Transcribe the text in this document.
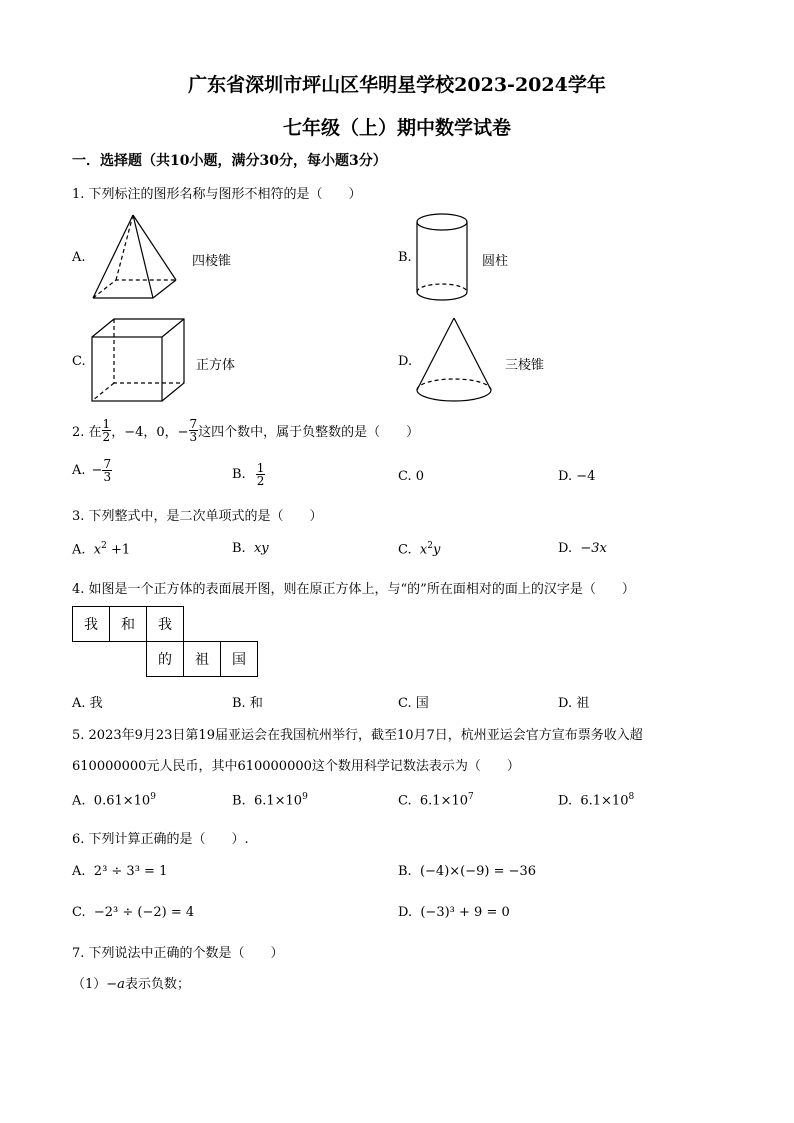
广东省深圳市坪山区华明星学校2023-2024学年
七年级（上）期中数学试卷
一．选择题（共10小题，满分30分，每小题3分）
1. 下列标注的图形名称与图形不相符的是（　　）
A.	四棱锥	B.	圆柱
C.	正方体	D.	三棱锥
2. 在 $\frac{1}{2}$ ，−4，0，− $\frac{7}{3}$ 这四个数中，属于负整数的是（　　）
A. − $\frac{7}{3}$	B. $\frac{1}{2}$	C. 0	D. −4
3. 下列整式中，是二次单项式的是（　　）
A. $x^2 +1$	B. xy	C. $x^2y$	D. −3x
4. 如图是一个正方体的表面展开图，则在原正方体上，与“的”所在面相对的面上的汉字是（　　）
我	和	我		
		的	祖	国
A. 我	B. 和	C. 国	D. 祖
5. 2023年9月23日第19届亚运会在我国杭州举行，截至10月7日，杭州亚运会官方宣布票务收入超
610000000元人民币，其中610000000这个数用科学记数法表示为（　　）
A. $0.61\times 10^9$	B. $6.1\times 10^9$	C. $6.1\times 10^7$	D. $6.1\times 10^8$
6. 下列计算正确的是（　　）.
A. 2³ ÷ 3³ = 1	B. (−4)×(−9) = −36
C. −2³ ÷ (−2) = 4	D. (−3)³ + 9 = 0
7. 下列说法中正确的个数是（　　）
（1）−a表示负数；
